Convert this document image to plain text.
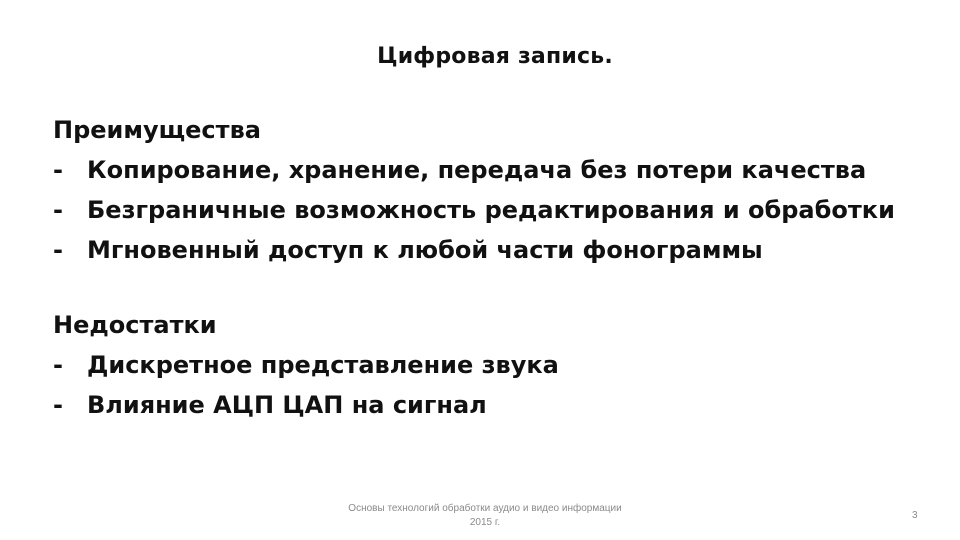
Цифровая запись.
Преимущества
-	Копирование, хранение, передача без потери качества
-	Безграничные возможность редактирования и обработки
-	Мгновенный доступ к любой части фонограммы
Недостатки
-	Дискретное представление звука
-	Влияние АЦП ЦАП на сигнал
Основы технологий обработки аудио и видео информации
2015 г.
3
